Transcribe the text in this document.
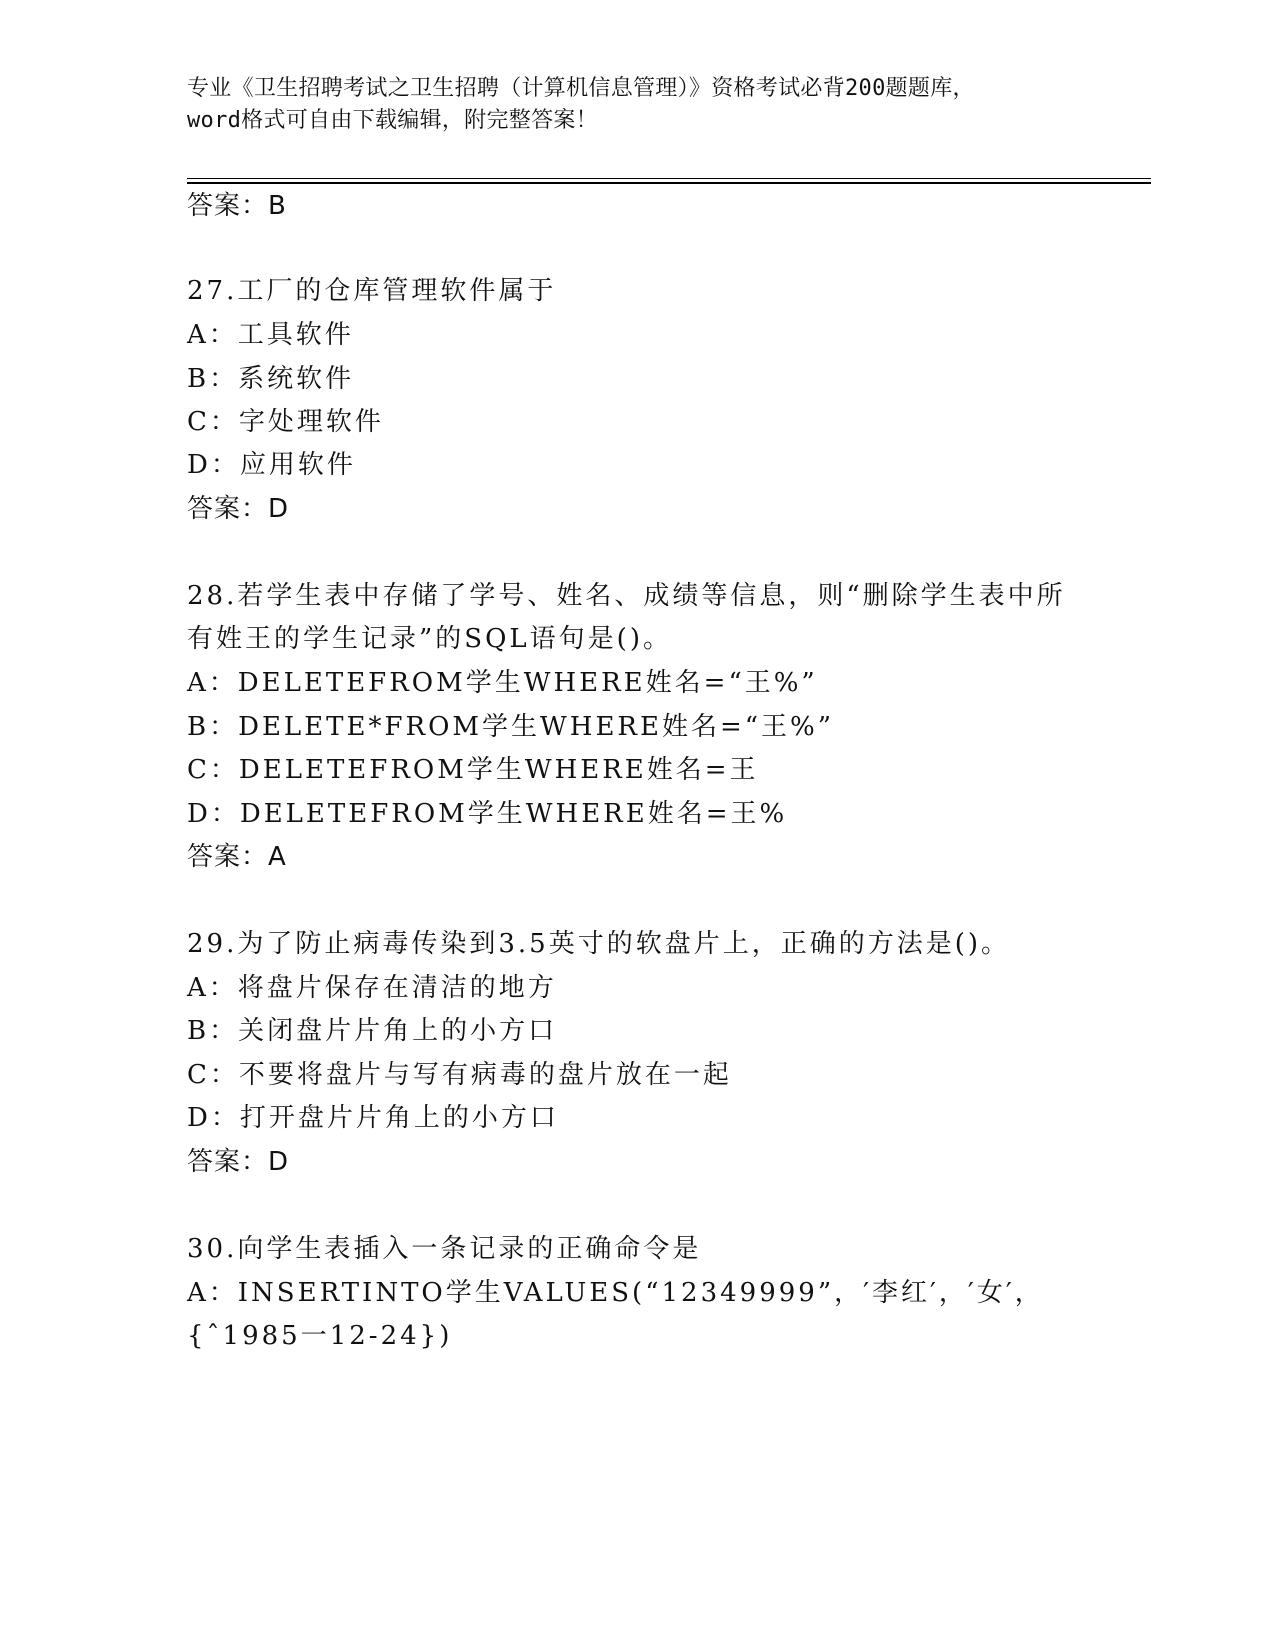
专业《卫生招聘考试之卫生招聘（计算机信息管理）》资格考试必背200题题库，
word格式可自由下载编辑，附完整答案！
答案：B
27.工厂的仓库管理软件属于
A：工具软件
B：系统软件
C：字处理软件
D：应用软件
答案：D
28.若学生表中存储了学号、姓名、成绩等信息，则“删除学生表中所
有姓王的学生记录”的SQL语句是()。
A：DELETEFROM学生WHERE姓名=“王%”
B：DELETE*FROM学生WHERE姓名=“王%”
C：DELETEFROM学生WHERE姓名=王
D：DELETEFROM学生WHERE姓名=王%
答案：A
29.为了防止病毒传染到3.5英寸的软盘片上，正确的方法是()。
A：将盘片保存在清洁的地方
B：关闭盘片片角上的小方口
C：不要将盘片与写有病毒的盘片放在一起
D：打开盘片片角上的小方口
答案：D
30.向学生表插入一条记录的正确命令是
A：INSERTINTO学生VALUES(“12349999”，′李红′，′女′，
{ˆ1985一12-24})
